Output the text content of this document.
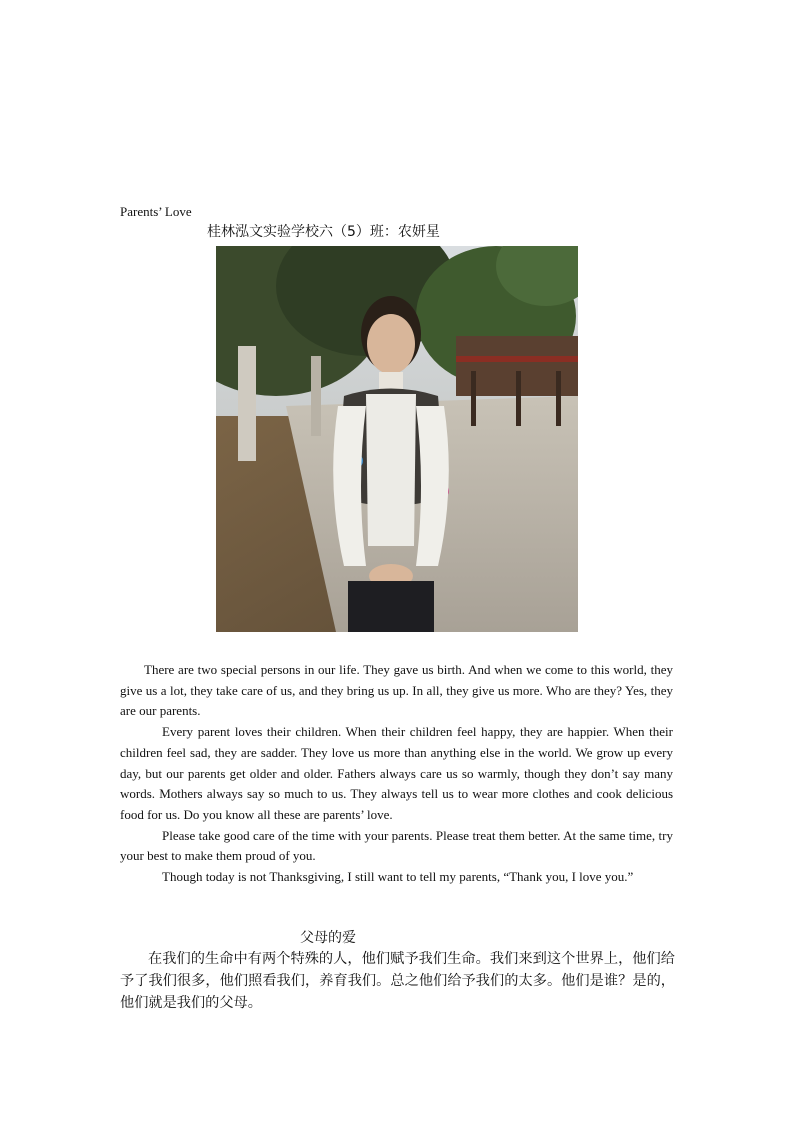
Parents’ Love
桂林泓文实验学校六（5）班：农妍星

There are two special persons in our life. They gave us birth. And when we come to this world, they give us a lot, they take care of us, and they bring us up. In all, they give us more. Who are they? Yes, they are our parents.

Every parent loves their children. When their children feel happy, they are happier. When their children feel sad, they are sadder. They love us more than anything else in the world. We grow up every day, but our parents get older and older. Fathers always care us so warmly, though they don’t say many words. Mothers always say so much to us. They always tell us to wear more clothes and cook delicious food for us. Do you know all these are parents’ love.

Please take good care of the time with your parents. Please treat them better. At the same time, try your best to make them proud of you.

Though today is not Thanksgiving, I still want to tell my parents, “Thank you, I love you.”

父母的爱

在我们的生命中有两个特殊的人，他们赋予我们生命。我们来到这个世界上，他们给予了我们很多，他们照看我们，养育我们。总之他们给予我们的太多。他们是谁？是的，他们就是我们的父母。
